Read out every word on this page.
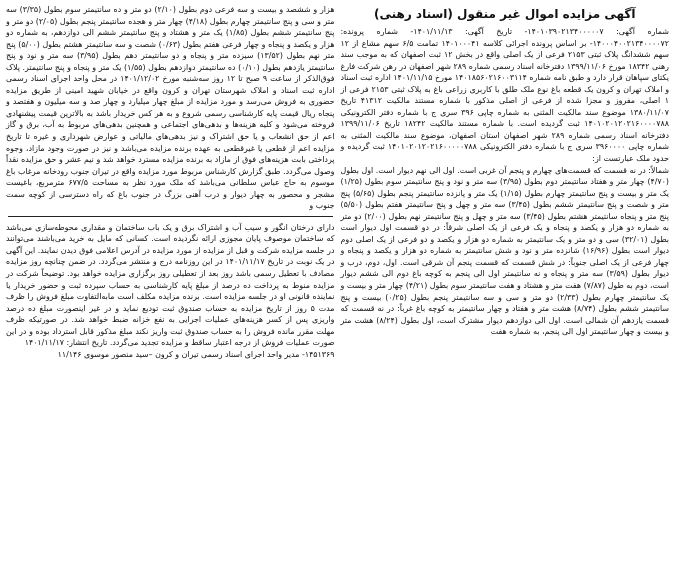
آگهی مزایده اموال غیر منقول (اسناد رهنی)

شماره آگهی: ۱۴۰۱۰۳۹۰۲۱۳۴۰۰۰۰۰۷- تاریخ آگهی: ۱۴۰۱/۱۱/۱۳- شماره پرونده: ۱۴۰۰۰۴۰۰۲۱۳۴۰۰۰۰۷۲- بر اساس پرونده اجرائی کلاسه ۱۴۰۱۰۰۰۴۱ تمامت ۶/۵ سهم مشاع از ۱۲ سهم ششدانگ پلاک ثبتی ۲۱۵۳ فرعی از یک اصلی واقع در بخش ۱۲ ثبت اصفهان که به موجب سند رهنی ۱۸۳۴۲ مورخ ۱۳۹۹/۱۱/۰۶ دفترخانه اسناد رسمی شماره ۲۸۹ شهر اصفهان در رهن شرکت فارغ یکتای سپاهان قرار دارد و طبق نامه شماره ۱۴۰۱۸۵۶۰۲۱۶۰۰۳۱۱۴ مورخ ۱۴۰۱/۱۱/۱۵ اداره ثبت اسناد و املاک تهران و کرون یک قطعه باغ نوع ملک طلق با کاربری زراعی باغ به پلاک ثبتی ۲۱۵۳ فرعی از ۱ اصلی، مفروز و مجزا شده از فرعی از اصلی مذکور با شماره مستند مالکیت ۴۱۳۱۲ تاریخ ۱۳۸۰/۱۱/۰۷ موضوع سند مالکیت المثنی به شماره چاپی ۳۹۶ سری ج با شماره دفتر الکترونیکی ۱۴۰۱۰۲۰۱۲۰۲۱۶۰۰۰۰۷۸۸ ثبت گردیده است. با شماره مستند مالکیت ۱۸۲۴۲ تاریخ ۱۳۹۹/۱۱/۰۶ دفترخانه اسناد رسمی شماره ۲۸۹ شهر اصفهان استان اصفهان، موضوع سند مالکیت المثنی به شماره چاپی ۳۹۶۰۰۰۰ سری ج با شماره دفتر الکترونیکی ۱۴۰۱۰۲۰۱۲۰۲۱۶۰۰۰۰۰۷۸۸ ثبت گردیده و حدود ملک عبارتست از:

شمالاً: در نه قسمت که قسمت‌های چهارم و پنجم آن غربی است. اول الی نهم دیوار است. اول بطول (۴/۷۰) چهار متر و هفتاد سانتیمتر دوم بطول (۳/۹۵) سه متر و نود و پنج سانتیمتر سوم بطول (۱/۲۵) یک متر و بیست و پنج سانتیمتر چهارم بطول (۱/۱۵) یک متر و پانزده سانتیمتر پنجم بطول (۵/۶۵) پنج متر و شصت و پنج سانتیمتر ششم بطول (۳/۴۵) سه متر و چهل و پنج سانتیمتر هفتم بطول (۵/۵۰) پنج متر و پنجاه سانتیمتر هشتم بطول (۳/۴۵) سه متر و چهل و پنج سانتیمتر نهم بطول (۲/۰۰) دو متر به شماره دو هزار و یکصد و پنجاه و یک فرعی از یک اصلی شرقاً: در دو قسمت اول دیوار است بطول (۳۲/۰۱) سی و دو متر و یک سانتیمتر به شماره دو هزار و یکصد و دو فرعی از یک اصلی دوم دیوار است بطول (۱۶/۹۶) شانزده متر و نود و شش سانتیمتر به شماره دو هزار و یکصد و پنجاه و چهار فرعی از یک اصلی جنوباً: در شش قسمت که قسمت پنجم آن شرقی است. اول، دوم، درب و دیوار بطول (۳/۵۹) سه متر و پنجاه و نه سانتیمتر اول الی پنجم به کوچه باغ دوم الی ششم دیوار است، دوم به طول (۷/۸۷) هفت متر و هشتاد و هفت سانتیمتر سوم بطول (۴/۲۱) چهار متر و بیست و یک سانتیمتر چهارم بطول (۲/۳۳) دو متر و سی و سه سانتیمتر پنجم بطول (۰/۲۵) بیست و پنج سانتیمتر ششم بطول (۸/۷۴) هشت متر و هفتاد و چهار سانتیمتر به کوچه باغ غرباً: در نه قسمت که قسمت یازدهم آن شمالی است. اول الی دوازدهم دیوار مشترک است، اول بطول (۸/۲۴) هشت متر و بیست و چهار سانتیمتر اول الی پنجم، به شماره هفت

هزار و ششصد و بیست و سه فرعی دوم بطول (۲/۱۰) دو متر و ده سانتیمتر سوم بطول (۳/۳۵) سه متر و سی و پنج سانتیمتر چهارم بطول (۴/۱۸) چهار متر و هجده سانتیمتر پنجم بطول (۲/۰۵) دو متر و پنج سانتیمتر ششم بطول (۱/۸۵) یک متر و هشتاد و پنج سانتیمتر ششم الی دوازدهم، به شماره دو هزار و یکصد و پنجاه و چهار فرعی هفتم بطول (۰/۶۳) شصت و سه سانتیمتر هشتم بطول (۵/۰۰) پنج متر نهم بطول (۱۳/۵۲) سیزده متر و پنجاه و دو سانتیمتر دهم بطول (۳/۹۵) سه متر و نود و پنج سانتیمتر یازدهم بطول (۰/۱۰) ده سانتیمتر دوازدهم بطول (۱/۵۵) یک متر و پنجاه و پنج سانتیمتر. پلاک فوق‌الذکر از ساعت ۹ صبح تا ۱۲ روز سه‌شنبه مورخ ۱۴۰۱/۱۲/۰۲ در محل واحد اجرای اسناد رسمی اداره ثبت اسناد و املاک شهرستان تهران و کرون واقع در خیابان شهید امینی از طریق مزایده حضوری به فروش می‌رسد و مورد مزایده از مبلغ چهار میلیارد و چهار صد و سه میلیون و هفتصد و پنجاه ریال قیمت پایه کارشناسی رسمی شروع و به هر کس خریدار باشد به بالاترین قیمت پیشنهادی فروخته می‌شود و کلیه هزینه‌ها و بدهی‌های اجتماعی و همچنین بدهی‌های مربوط به آب، برق و گاز اعم از حق انشعاب و یا حق اشتراک و نیز بدهی‌های مالیاتی و عوارض شهرداری و غیره تا تاریخ مزایده اعم از قطعی یا غیرقطعی به عهده برنده مزایده می‌باشد و نیز در صورت وجود مازاد، وجوه پرداختی بابت هزینه‌های فوق از مازاد به برنده مزایده مسترد خواهد شد و نیم عشر و حق مزایده نقداً وصول می‌گردد. طبق گزارش کارشناس مربوط مورد مزایده واقع در تیران جنوب رودخانه مرغاب باغ موسوم به حاج عباس سلطانی می‌باشد که ملک مورد نظر به مساحت ۶۷۷/۵ مترمربع، باغیست مشجر و محصور به چهار دیوار و درب آهنی بزرگ در جنوب باغ که راه دسترسی از کوچه سمت جنوب و

دارای درختان انگور و سیب آب و اشتراک برق و یک باب ساختمان و مقداری محوطه‌سازی می‌باشد که ساختمان موصوف پایان مجوزی ارائه نگردیده است. کسانی که مایل به خرید می‌باشند می‌توانند در جلسه مزایده شرکت و قبل از مزایده از مورد مزایده در آدرس اعلامی فوق دیدن نمایند. این آگهی در یک نوبت در تاریخ ۱۴۰۱/۱۱/۱۷ در این روزنامه درج و منتشر می‌گردد. در ضمن چنانچه روز مزایده مصادف با تعطیل رسمی باشد روز بعد از تعطیلی روز برگزاری مزایده خواهد بود. توضیحاً شرکت در مزایده منوط به پرداخت ده درصد از مبلغ پایه کارشناسی به حساب سپرده ثبت و حضور خریدار یا نماینده قانونی او در جلسه مزایده است. برنده مزایده مکلف است مابه‌التفاوت مبلغ فروش را ظرف مدت ۵ روز از تاریخ مزایده به حساب صندوق ثبت تودیع نماید و در غیر اینصورت مبلغ ده درصد واریزی پس از کسر هزینه‌های عملیات اجرایی به نفع خزانه ضبط خواهد شد. در صورتیکه ظرف مهلت مقرر مانده فروش را به حساب صندوق ثبت واریز نکند مبلغ مذکور قابل استرداد بوده و در این صورت عملیات فروش از درجه اعتبار ساقط و مزایده تجدید می‌گردد. تاریخ انتشار: ۱۴۰۱/۱۱/۱۷

۱۴۵۱۳۶۹- مدیر واحد اجرای اسناد رسمی تیران و کرون –سید منصور موسوی ۱۱/۱۴۶
